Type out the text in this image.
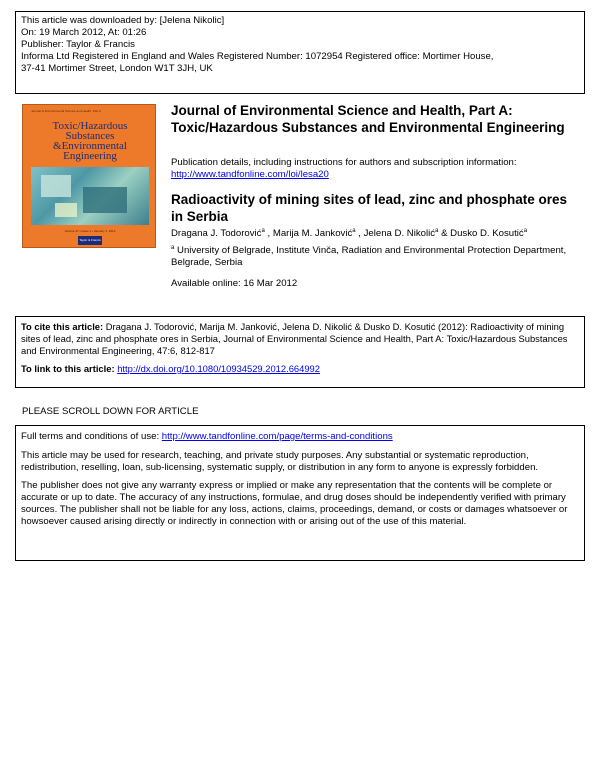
This article was downloaded by: [Jelena Nikolic]
On: 19 March 2012, At: 01:26
Publisher: Taylor & Francis
Informa Ltd Registered in England and Wales Registered Number: 1072954 Registered office: Mortimer House,
37-41 Mortimer Street, London W1T 3JH, UK
Journal of Environmental Science and Health, Part A
Toxic/Hazardous
Substances
&Environmental
Engineering
Volume 47 • Issue 1 • January 1, 2012
Taylor & Francis
Journal of Environmental Science and Health, Part A: Toxic/Hazardous Substances and Environmental Engineering
Publication details, including instructions for authors and subscription information:
http://www.tandfonline.com/loi/lesa20
Radioactivity of mining sites of lead, zinc and phosphate ores in Serbia
Dragana J. Todorović$^a$ , Marija M. Janković$^a$ , Jelena D. Nikolić$^a$ & Dusko D. Kosutić$^a$
$^a$ University of Belgrade, Institute Vinča, Radiation and Environmental Protection Department, Belgrade, Serbia
Available online: 16 Mar 2012

To cite this article: Dragana J. Todorović, Marija M. Janković, Jelena D. Nikolić & Dusko D. Kosutić (2012): Radioactivity of mining sites of lead, zinc and phosphate ores in Serbia, Journal of Environmental Science and Health, Part A: Toxic/Hazardous Substances and Environmental Engineering, 47:6, 812-817

To link to this article: http://dx.doi.org/10.1080/10934529.2012.664992

PLEASE SCROLL DOWN FOR ARTICLE

Full terms and conditions of use: http://www.tandfonline.com/page/terms-and-conditions

This article may be used for research, teaching, and private study purposes. Any substantial or systematic reproduction, redistribution, reselling, loan, sub-licensing, systematic supply, or distribution in any form to anyone is expressly forbidden.

The publisher does not give any warranty express or implied or make any representation that the contents will be complete or accurate or up to date. The accuracy of any instructions, formulae, and drug doses should be independently verified with primary sources. The publisher shall not be liable for any loss, actions, claims, proceedings, demand, or costs or damages whatsoever or howsoever caused arising directly or indirectly in connection with or arising out of the use of this material.
